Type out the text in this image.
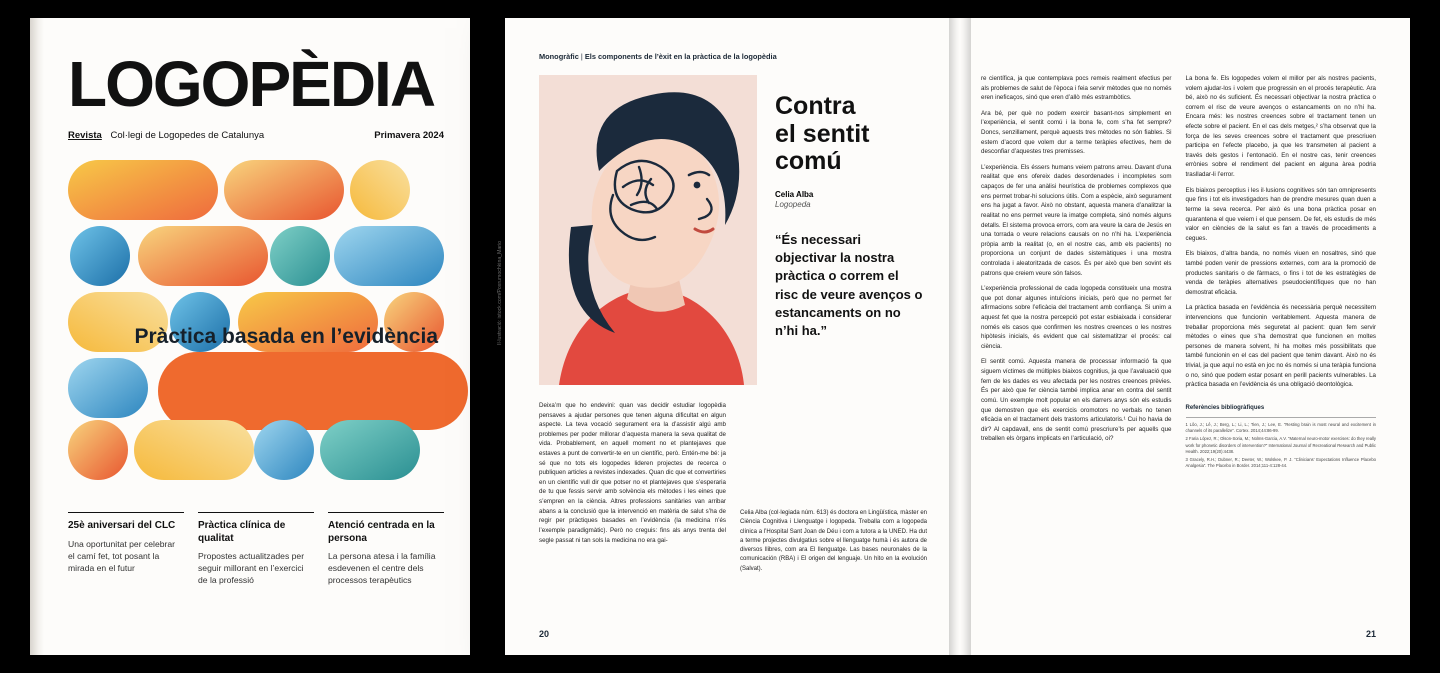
LOGOPÈDIA
Revista Col·legi de Logopedes de Catalunya	Primavera 2024
Pràctica basada en l’evidència
25è aniversari del CLC

Una oportunitat per celebrar el camí fet, tot posant la mirada en el futur

Pràctica clínica de qualitat

Propostes actualitzades per seguir millorant en l’exercici de la professió

Atenció centrada en la persona

La persona atesa i la família esdevenen el centre dels processos terapèutics

Monogràfic | Els components de l’èxit en la pràctica de la logopèdia
Il·lustració: istock.com/Poxrumochkina_Mario
Contra
el sentit comú
Celia Alba
Logopeda
“És necessari objectivar la nostra pràctica o correm el risc de veure avenços o estancaments on no n’hi ha.”

Deixa’m que ho endevini: quan vas decidir estudiar logopèdia pensaves a ajudar persones que tenen alguna dificultat en algun aspecte. La teva vocació segurament era la d’assistir algú amb problemes per poder millorar d’aquesta manera la seva qualitat de vida. Probablement, en aquell moment no et plantejaves que estaves a punt de convertir-te en un científic, però. Entén-me bé: ja sé que no tots els logopedes lideren projectes de recerca o publiquen articles a revistes indexades. Quan dic que et convertiries en un científic vull dir que potser no et plantejaves que s’esperaria de tu que fessis servir amb solvència els mètodes i les eines que s’empren en la ciència. Altres professions sanitàries van arribar abans a la conclusió que la intervenció en matèria de salut s’ha de regir per pràctiques basades en l’evidència (la medicina n’és l’exemple paradigmàtic). Però no creguis: fins als anys trenta del segle passat ni tan sols la medicina no era gai-

Celia Alba (col·legiada núm. 613) és doctora en Lingüística, màster en Ciència Cognitiva i Llenguatge i logopeda. Treballa com a logopeda clínica a l’Hospital Sant Joan de Déu i com a tutora a la UNED. Ha dut a terme projectes divulgatius sobre el llenguatge humà i és autora de diversos llibres, com ara El llenguatge. Las bases neuronales de la comunicación (RBA) i El origen del lenguaje. Un hito en la evolución (Salvat).

20

re científica, ja que contemplava pocs remeis realment efectius per als problemes de salut de l’època i feia servir mètodes que no només eren ineficaços, sinó que eren d’allò més estrambòtics.

Ara bé, per què no podem exercir basant-nos simplement en l’experiència, el sentit comú i la bona fe, com s’ha fet sempre? Doncs, senzillament, perquè aquests tres mètodes no són fiables. Si estem d’acord que volem dur a terme teràpies efectives, hem de desconfiar d’aquestes tres premisses.

L’experiència. Els éssers humans veiem patrons arreu. Davant d’una realitat que ens ofereix dades desordenades i incompletes som capaços de fer una anàlisi heurística de problemes complexos que ens permet trobar-hi solucions útils. Com a espècie, això segurament ens ha jugat a favor. Això no obstant, aquesta manera d’analitzar la realitat no ens permet veure la imatge completa, sinó només alguns detalls. El sistema provoca errors, com ara veure la cara de Jesús en una torrada o veure relacions causals on no n’hi ha. L’experiència pròpia amb la realitat (o, en el nostre cas, amb els pacients) no proporciona un conjunt de dades sistemàtiques i una mostra controlada i aleatoritzada de casos. És per això que ben sovint els patrons que creiem veure són falsos.

L’experiència professional de cada logopeda constitueix una mostra que pot donar algunes intuïcions inicials, però que no permet fer afirmacions sobre l’eficàcia del tractament amb confiança. Si unim a aquest fet que la nostra percepció pot estar esbiaixada i considerar només els casos que confirmen les nostres creences o les nostres hipòtesis inicials, és evident que cal sistematitzar el procés: cal ciència.

El sentit comú. Aquesta manera de processar informació fa que siguem víctimes de múltiples biaixos cognitius, ja que l’avaluació que fem de les dades es veu afectada per les nostres creences prèvies. És per això que fer ciència també implica anar en contra del sentit comú. Un exemple molt popular en els darrers anys són els estudis que demostren que els exercicis oromotors no verbals no tenen eficàcia en el tractament dels trastorns articulatoris.¹ Cui ho havia de dir? Al capdavall, ens de sentit comú prescriure’ls per aquells que treballen els òrgans implicats en l’articulació, oi?

La bona fe. Els logopedes volem el millor per als nostres pacients, volem ajudar-los i volem que progressin en el procés terapèutic. Ara bé, això no és suficient. És necessari objectivar la nostra pràctica o correm el risc de veure avenços o estancaments on no n’hi ha. Encara més: les nostres creences sobre el tractament tenen un efecte sobre el pacient. En el cas dels metges,² s’ha observat que la força de les seves creences sobre el tractament que prescriuen participa en l’efecte placebo, ja que les transmeten al pacient a través dels gestos i l’entonació. En el nostre cas, tenir creences errònies sobre el rendiment del pacient en alguna àrea podria traslladar-li l’error.

Els biaixos perceptius i les il·lusions cognitives són tan omnipresents que fins i tot els investigadors han de prendre mesures quan duen a terme la seva recerca. Per això és una bona pràctica posar en quarantena el que veiem i el que pensem. De fet, els estudis de més valor en ciències de la salut es fan a través de procediments a cegues.

Els biaixos, d’altra banda, no només viuen en nosaltres, sinó que també poden venir de pressions externes, com ara la promoció de productes sanitaris o de fàrmacs, o fins i tot de les estratègies de venda de teràpies alternatives pseudocientífiques que no han demostrat eficàcia.

La pràctica basada en l’evidència és necessària perquè necessitem intervencions que funcionin veritablement. Aquesta manera de treballar proporciona més seguretat al pacient: quan fem servir mètodes o eines que s’ha demostrat que funcionen en moltes persones de manera solvent, hi ha moltes més possibilitats que també funcionin en el cas del pacient que tenim davant. Això no és trivial, ja que aquí no està en joc no és només si una teràpia funciona o no, sinó que podem estar posant en perill pacients vulnerables. La pràctica basada en l’evidència és una obligació deontològica.

Referències bibliogràfiques

1 Lôo, J.; Lê, J.; Berg, L.; Li, L.; Tien, J.; Lee, E. “Resting brain is most neural and excitement in channels of its parallelize”. Cortex. 2014;44:86-99.

2 Faria López, R.; Olson-Soria, M.; Nolms-Garcia, A.V. “Maternal neuro-motor exercises: do they really work for phonetic disorders of intervention?” International Journal of Recreational Research and Public Health. 2022;19(20):4438.

3 Gracely, R.H.; Dubner, R.; Deeter, W.; Wolskee, P. J. “Clinicians’ Expectations Influence Placebo Analgesia”. The Placebo in Border. 2014;111-4:128-44.

21
